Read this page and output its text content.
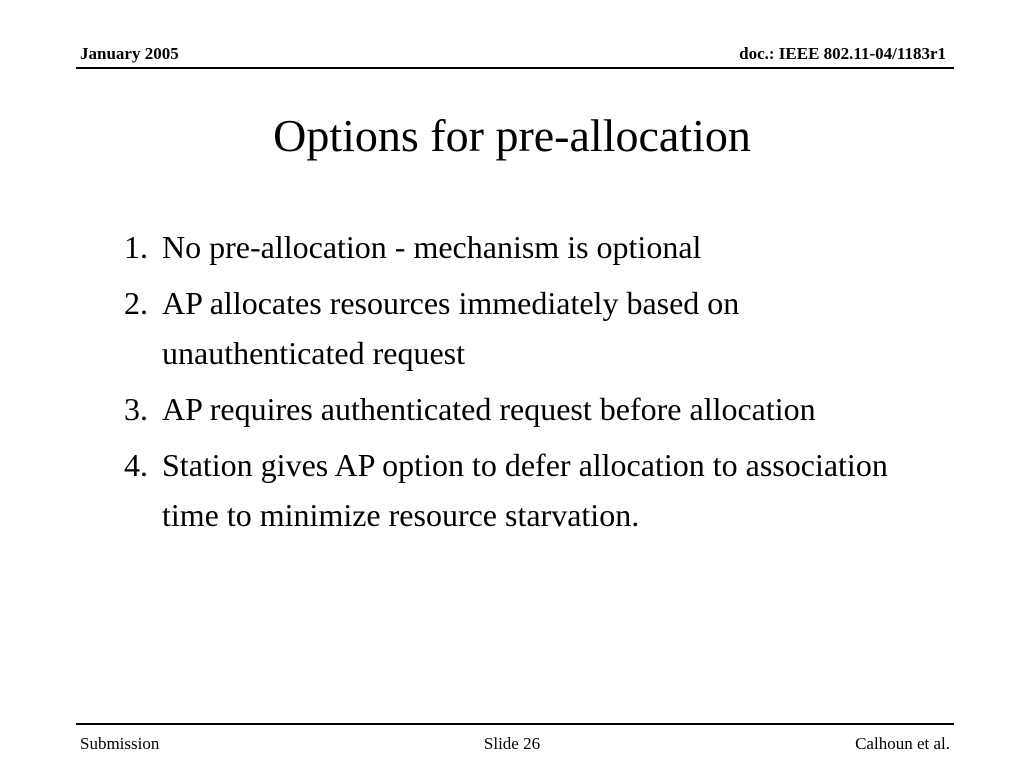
January 2005	doc.: IEEE 802.11-04/1183r1
Options for pre-allocation
1. No pre-allocation - mechanism is optional
2. AP allocates resources immediately based on unauthenticated request
3. AP requires authenticated request before allocation
4. Station gives AP option to defer allocation to association time to minimize resource starvation.
Submission	Slide 26	Calhoun et al.
